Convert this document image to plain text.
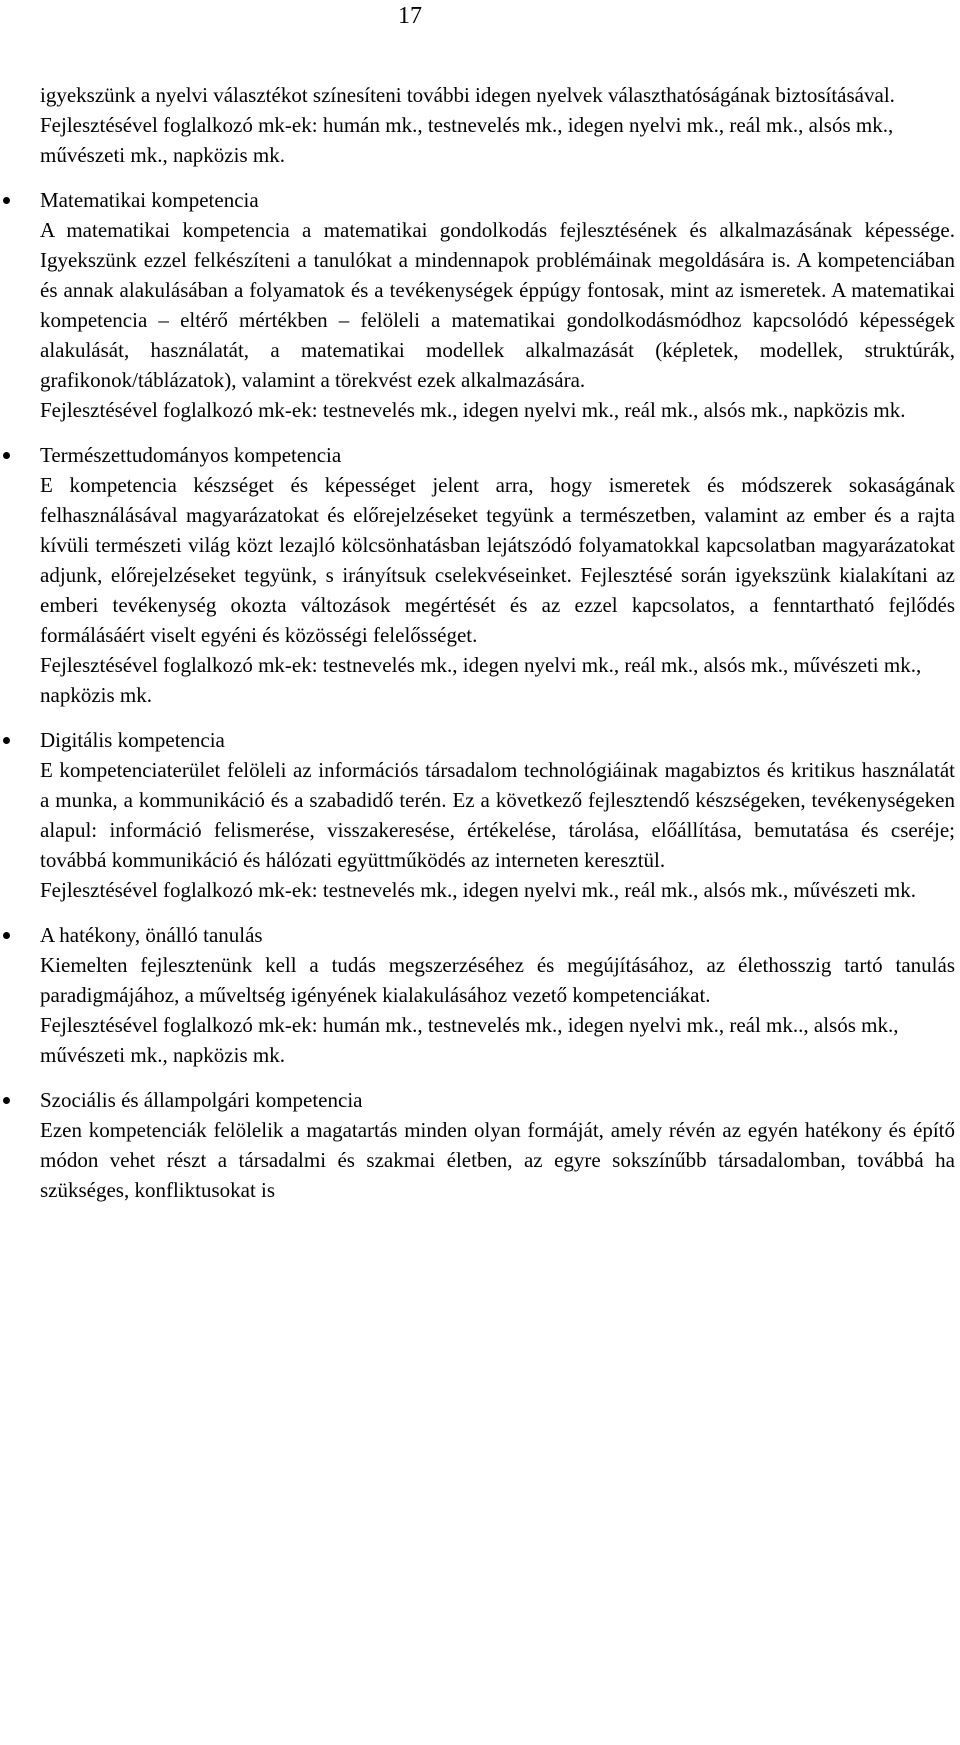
17

igyekszünk a nyelvi választékot színesíteni további idegen nyelvek választhatóságának biztosításával.

Fejlesztésével foglalkozó mk-ek: humán mk., testnevelés mk., idegen nyelvi mk., reál mk., alsós mk., művészeti mk., napközis mk.

Matematikai kompetencia

A matematikai kompetencia a matematikai gondolkodás fejlesztésének és alkalmazásának képessége. Igyekszünk ezzel felkészíteni a tanulókat a mindennapok problémáinak megoldására is. A kompetenciában és annak alakulásában a folyamatok és a tevékenységek éppúgy fontosak, mint az ismeretek. A matematikai kompetencia – eltérő mértékben – felöleli a matematikai gondolkodásmódhoz kapcsolódó képességek alakulását, használatát, a matematikai modellek alkalmazását (képletek, modellek, struktúrák, grafikonok/táblázatok), valamint a törekvést ezek alkalmazására.

Fejlesztésével foglalkozó mk-ek: testnevelés mk., idegen nyelvi mk., reál mk., alsós mk., napközis mk.

Természettudományos kompetencia

E kompetencia készséget és képességet jelent arra, hogy ismeretek és módszerek sokaságának felhasználásával magyarázatokat és előrejelzéseket tegyünk a természetben, valamint az ember és a rajta kívüli természeti világ közt lezajló kölcsönhatásban lejátszódó folyamatokkal kapcsolatban magyarázatokat adjunk, előrejelzéseket tegyünk, s irányítsuk cselekvéseinket. Fejlesztésé során igyekszünk kialakítani az emberi tevékenység okozta változások megértését és az ezzel kapcsolatos, a fenntartható fejlődés formálásáért viselt egyéni és közösségi felelősséget.

Fejlesztésével foglalkozó mk-ek: testnevelés mk., idegen nyelvi mk., reál mk., alsós mk., művészeti mk., napközis mk.

Digitális kompetencia

E kompetenciaterület felöleli az információs társadalom technológiáinak magabiztos és kritikus használatát a munka, a kommunikáció és a szabadidő terén. Ez a következő fejlesztendő készségeken, tevékenységeken alapul: információ felismerése, visszakeresése, értékelése, tárolása, előállítása, bemutatása és cseréje; továbbá kommunikáció és hálózati együttműködés az interneten keresztül.

Fejlesztésével foglalkozó mk-ek: testnevelés mk., idegen nyelvi mk., reál mk., alsós mk., művészeti mk.

A hatékony, önálló tanulás

Kiemelten fejlesztenünk kell a tudás megszerzéséhez és megújításához, az élethosszig tartó tanulás paradigmájához, a műveltség igényének kialakulásához vezető kompetenciákat.

Fejlesztésével foglalkozó mk-ek: humán mk., testnevelés mk., idegen nyelvi mk., reál mk.., alsós mk., művészeti mk., napközis mk.

Szociális és állampolgári kompetencia

Ezen kompetenciák felölelik a magatartás minden olyan formáját, amely révén az egyén hatékony és építő módon vehet részt a társadalmi és szakmai életben, az egyre sokszínűbb társadalomban, továbbá ha szükséges, konfliktusokat is
